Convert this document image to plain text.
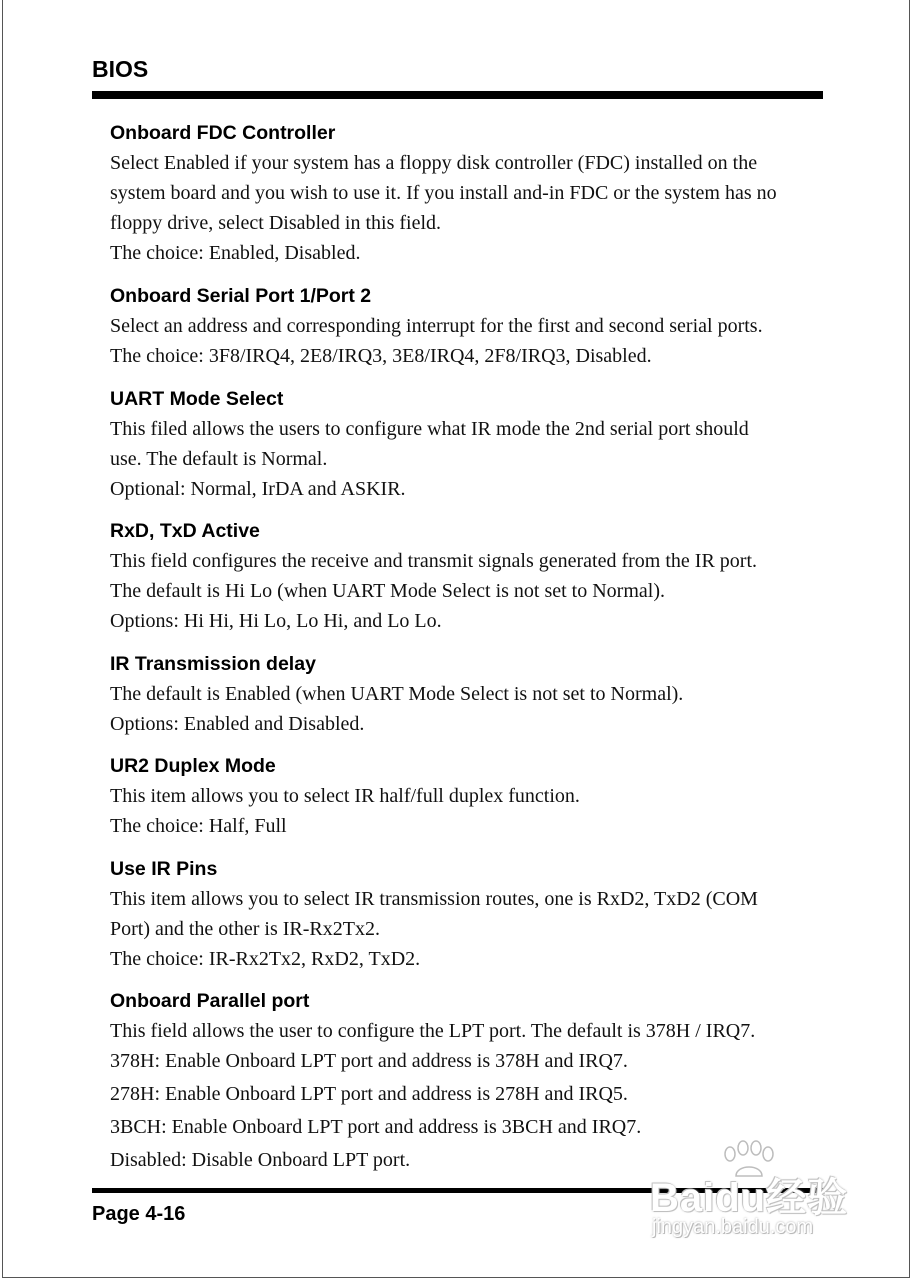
BIOS
Onboard FDC Controller
Select Enabled if your system has a floppy disk controller (FDC) installed on the
system board and you wish to use it. If you install and-in FDC or the system has no
floppy drive, select Disabled in this field.
The choice: Enabled, Disabled.
Onboard Serial Port 1/Port 2
Select an address and corresponding interrupt for the first and second serial ports.
The choice: 3F8/IRQ4, 2E8/IRQ3, 3E8/IRQ4, 2F8/IRQ3, Disabled.
UART Mode Select
This filed allows the users to configure what IR mode the 2nd serial port should
use. The default is Normal.
Optional: Normal, IrDA and ASKIR.
RxD, TxD Active
This field configures the receive and transmit signals generated from the IR port.
The default is Hi Lo (when UART Mode Select is not set to Normal).
Options: Hi Hi, Hi Lo, Lo Hi, and Lo Lo.
IR Transmission delay
The default is Enabled (when UART Mode Select is not set to Normal).
Options: Enabled and Disabled.
UR2 Duplex Mode
This item allows you to select IR half/full duplex function.
The choice: Half, Full
Use IR Pins
This item allows you to select IR transmission routes, one is RxD2, TxD2 (COM
Port) and the other is IR-Rx2Tx2.
The choice: IR-Rx2Tx2, RxD2, TxD2.
Onboard Parallel port
This field allows the user to configure the LPT port. The default is 378H / IRQ7.
378H: Enable Onboard LPT port and address is 378H and IRQ7.
278H: Enable Onboard LPT port and address is 278H and IRQ5.
3BCH: Enable Onboard LPT port and address is 3BCH and IRQ7.
Disabled: Disable Onboard LPT port.
Page 4-16	Baidu经验
jingyan.baidu.com
